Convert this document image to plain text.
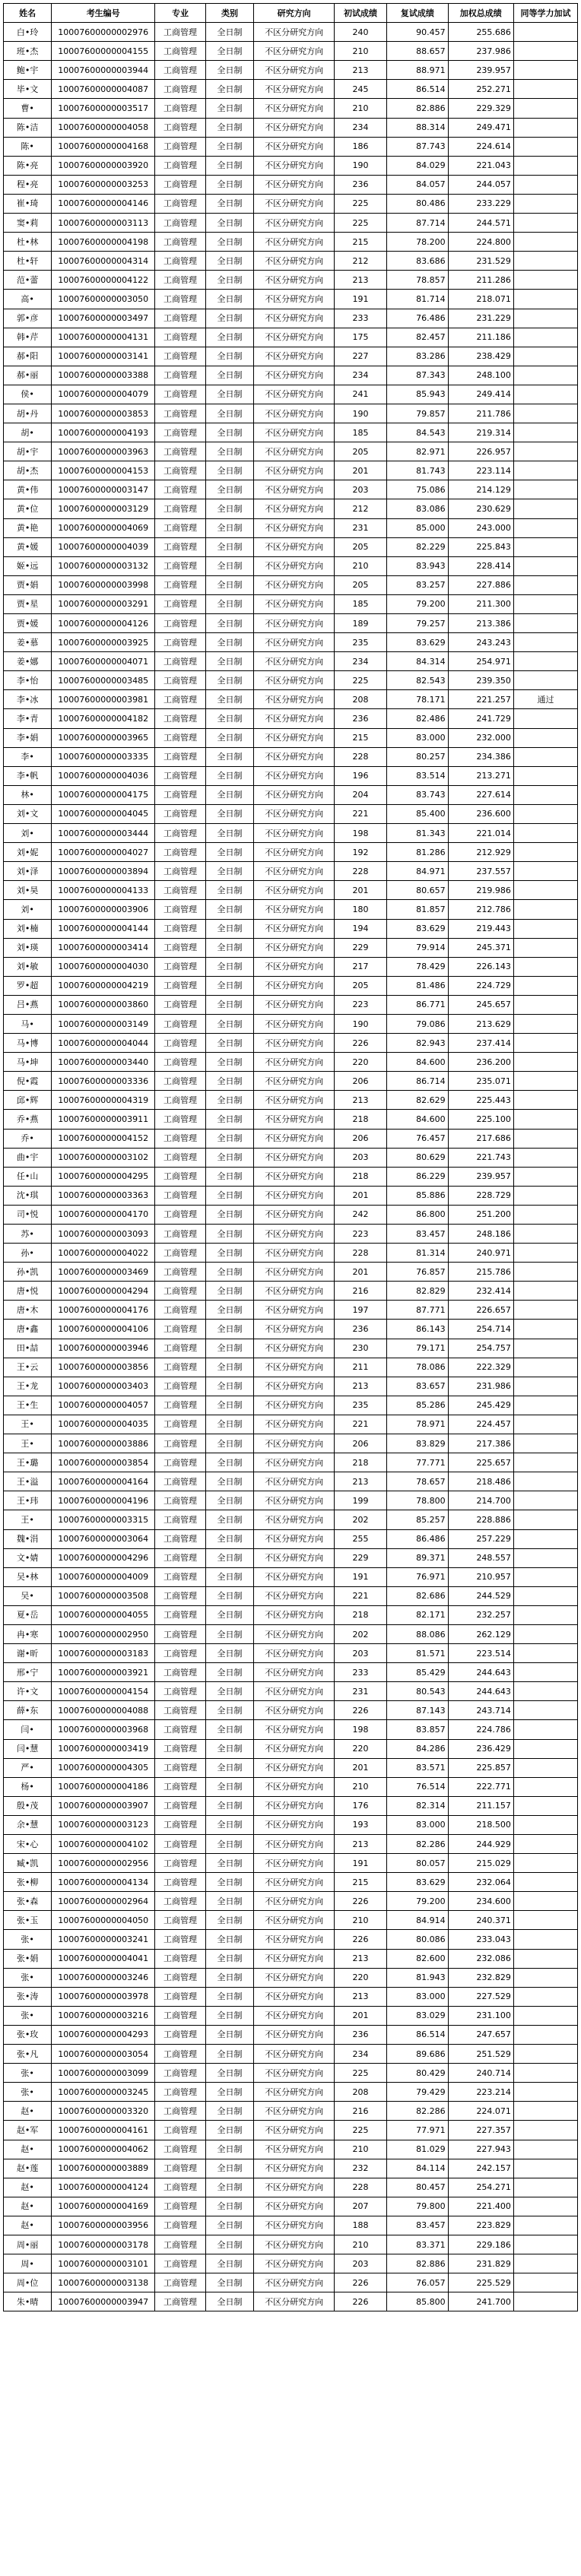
姓名	考生编号	专业	类别	研究方向	初试成绩	复试成绩	加权总成绩	同等学力加试
白•玲	10007600000002976	工商管理	全日制	不区分研究方向	240	90.457	255.686	
班•杰	10007600000004155	工商管理	全日制	不区分研究方向	210	88.657	237.986	
鲍•宇	10007600000003944	工商管理	全日制	不区分研究方向	213	88.971	239.957	
毕•文	10007600000004087	工商管理	全日制	不区分研究方向	245	86.514	252.271	
曹•	10007600000003517	工商管理	全日制	不区分研究方向	210	82.886	229.329	
陈•洁	10007600000004058	工商管理	全日制	不区分研究方向	234	88.314	249.471	
陈•	10007600000004168	工商管理	全日制	不区分研究方向	186	87.743	224.614	
陈•亮	10007600000003920	工商管理	全日制	不区分研究方向	190	84.029	221.043	
程•亮	10007600000003253	工商管理	全日制	不区分研究方向	236	84.057	244.057	
崔•琦	10007600000004146	工商管理	全日制	不区分研究方向	225	80.486	233.229	
窦•莉	10007600000003113	工商管理	全日制	不区分研究方向	225	87.714	244.571	
杜•林	10007600000004198	工商管理	全日制	不区分研究方向	215	78.200	224.800	
杜•轩	10007600000004314	工商管理	全日制	不区分研究方向	212	83.686	231.529	
范•蕾	10007600000004122	工商管理	全日制	不区分研究方向	213	78.857	211.286	
高•	10007600000003050	工商管理	全日制	不区分研究方向	191	81.714	218.071	
郭•彦	10007600000003497	工商管理	全日制	不区分研究方向	233	76.486	231.229	
韩•芹	10007600000004131	工商管理	全日制	不区分研究方向	175	82.457	211.186	
郝•阳	10007600000003141	工商管理	全日制	不区分研究方向	227	83.286	238.429	
郝•丽	10007600000003388	工商管理	全日制	不区分研究方向	234	87.343	248.100	
侯•	10007600000004079	工商管理	全日制	不区分研究方向	241	85.943	249.414	
胡•丹	10007600000003853	工商管理	全日制	不区分研究方向	190	79.857	211.786	
胡•	10007600000004193	工商管理	全日制	不区分研究方向	185	84.543	219.314	
胡•宇	10007600000003963	工商管理	全日制	不区分研究方向	205	82.971	226.957	
胡•杰	10007600000004153	工商管理	全日制	不区分研究方向	201	81.743	223.114	
黄•伟	10007600000003147	工商管理	全日制	不区分研究方向	203	75.086	214.129	
黄•位	10007600000003129	工商管理	全日制	不区分研究方向	212	83.086	230.629	
黄•艳	10007600000004069	工商管理	全日制	不区分研究方向	231	85.000	243.000	
黄•媛	10007600000004039	工商管理	全日制	不区分研究方向	205	82.229	225.843	
姬•远	10007600000003132	工商管理	全日制	不区分研究方向	210	83.943	228.414	
贾•娟	10007600000003998	工商管理	全日制	不区分研究方向	205	83.257	227.886	
贾•星	10007600000003291	工商管理	全日制	不区分研究方向	185	79.200	211.300	
贾•媛	10007600000004126	工商管理	全日制	不区分研究方向	189	79.257	213.386	
姜•慕	10007600000003925	工商管理	全日制	不区分研究方向	235	83.629	243.243	
姜•娜	10007600000004071	工商管理	全日制	不区分研究方向	234	84.314	254.971	
李•怡	10007600000003485	工商管理	全日制	不区分研究方向	225	82.543	239.350	
李•冰	10007600000003981	工商管理	全日制	不区分研究方向	208	78.171	221.257	通过
李•青	10007600000004182	工商管理	全日制	不区分研究方向	236	82.486	241.729	
李•娟	10007600000003965	工商管理	全日制	不区分研究方向	215	83.000	232.000	
李•	10007600000003335	工商管理	全日制	不区分研究方向	228	80.257	234.386	
李•帆	10007600000004036	工商管理	全日制	不区分研究方向	196	83.514	213.271	
林•	10007600000004175	工商管理	全日制	不区分研究方向	204	83.743	227.614	
刘•文	10007600000004045	工商管理	全日制	不区分研究方向	221	85.400	236.600	
刘•	10007600000003444	工商管理	全日制	不区分研究方向	198	81.343	221.014	
刘•妮	10007600000004027	工商管理	全日制	不区分研究方向	192	81.286	212.929	
刘•泽	10007600000003894	工商管理	全日制	不区分研究方向	228	84.971	237.557	
刘•昊	10007600000004133	工商管理	全日制	不区分研究方向	201	80.657	219.986	
刘•	10007600000003906	工商管理	全日制	不区分研究方向	180	81.857	212.786	
刘•楠	10007600000004144	工商管理	全日制	不区分研究方向	194	83.629	219.443	
刘•瑛	10007600000003414	工商管理	全日制	不区分研究方向	229	79.914	245.371	
刘•敏	10007600000004030	工商管理	全日制	不区分研究方向	217	78.429	226.143	
罗•超	10007600000004219	工商管理	全日制	不区分研究方向	205	81.486	224.729	
吕•燕	10007600000003860	工商管理	全日制	不区分研究方向	223	86.771	245.657	
马•	10007600000003149	工商管理	全日制	不区分研究方向	190	79.086	213.629	
马•博	10007600000004044	工商管理	全日制	不区分研究方向	226	82.943	237.414	
马•坤	10007600000003440	工商管理	全日制	不区分研究方向	220	84.600	236.200	
倪•霞	10007600000003336	工商管理	全日制	不区分研究方向	206	86.714	235.071	
邱•辉	10007600000004319	工商管理	全日制	不区分研究方向	213	82.629	225.443	
乔•燕	10007600000003911	工商管理	全日制	不区分研究方向	218	84.600	225.100	
乔•	10007600000004152	工商管理	全日制	不区分研究方向	206	76.457	217.686	
曲•宇	10007600000003102	工商管理	全日制	不区分研究方向	203	80.629	221.743	
任•山	10007600000004295	工商管理	全日制	不区分研究方向	218	86.229	239.957	
沈•琪	10007600000003363	工商管理	全日制	不区分研究方向	201	85.886	228.729	
司•悦	10007600000004170	工商管理	全日制	不区分研究方向	242	86.800	251.200	
苏•	10007600000003093	工商管理	全日制	不区分研究方向	223	83.457	248.186	
孙•	10007600000004022	工商管理	全日制	不区分研究方向	228	81.314	240.971	
孙•凯	10007600000003469	工商管理	全日制	不区分研究方向	201	76.857	215.786	
唐•悦	10007600000004294	工商管理	全日制	不区分研究方向	216	82.829	232.414	
唐•木	10007600000004176	工商管理	全日制	不区分研究方向	197	87.771	226.657	
唐•鑫	10007600000004106	工商管理	全日制	不区分研究方向	236	86.143	254.714	
田•喆	10007600000003946	工商管理	全日制	不区分研究方向	230	79.171	254.757	
王•云	10007600000003856	工商管理	全日制	不区分研究方向	211	78.086	222.329	
王•龙	10007600000003403	工商管理	全日制	不区分研究方向	213	83.657	231.986	
王•生	10007600000004057	工商管理	全日制	不区分研究方向	235	85.286	245.429	
王•	10007600000004035	工商管理	全日制	不区分研究方向	221	78.971	224.457	
王•	10007600000003886	工商管理	全日制	不区分研究方向	206	83.829	217.386	
王•璐	10007600000003854	工商管理	全日制	不区分研究方向	218	77.771	225.657	
王•溢	10007600000004164	工商管理	全日制	不区分研究方向	213	78.657	218.486	
王•玮	10007600000004196	工商管理	全日制	不区分研究方向	199	78.800	214.700	
王•	10007600000003315	工商管理	全日制	不区分研究方向	202	85.257	228.886	
魏•涓	10007600000003064	工商管理	全日制	不区分研究方向	255	86.486	257.229	
文•婧	10007600000004296	工商管理	全日制	不区分研究方向	229	89.371	248.557	
吴•林	10007600000004009	工商管理	全日制	不区分研究方向	191	76.971	210.957	
吴•	10007600000003508	工商管理	全日制	不区分研究方向	221	82.686	244.529	
夏•岳	10007600000004055	工商管理	全日制	不区分研究方向	218	82.171	232.257	
冉•寒	10007600000002950	工商管理	全日制	不区分研究方向	202	88.086	262.129	
谢•昕	10007600000003183	工商管理	全日制	不区分研究方向	203	81.571	223.514	
邢•宁	10007600000003921	工商管理	全日制	不区分研究方向	233	85.429	244.643	
许•文	10007600000004154	工商管理	全日制	不区分研究方向	231	80.543	244.643	
薛•东	10007600000004088	工商管理	全日制	不区分研究方向	226	87.143	243.714	
闫•	10007600000003968	工商管理	全日制	不区分研究方向	198	83.857	224.786	
闫•慧	10007600000003419	工商管理	全日制	不区分研究方向	220	84.286	236.429	
严•	10007600000004305	工商管理	全日制	不区分研究方向	201	83.571	225.857	
杨•	10007600000004186	工商管理	全日制	不区分研究方向	210	76.514	222.771	
殷•茂	10007600000003907	工商管理	全日制	不区分研究方向	176	82.314	211.157	
余•慧	10007600000003123	工商管理	全日制	不区分研究方向	193	83.000	218.500	
宋•心	10007600000004102	工商管理	全日制	不区分研究方向	213	82.286	244.929	
臧•凯	10007600000002956	工商管理	全日制	不区分研究方向	191	80.057	215.029	
张•柳	10007600000004134	工商管理	全日制	不区分研究方向	215	83.629	232.064	
张•森	10007600000002964	工商管理	全日制	不区分研究方向	226	79.200	234.600	
张•玉	10007600000004050	工商管理	全日制	不区分研究方向	210	84.914	240.371	
张•	10007600000003241	工商管理	全日制	不区分研究方向	226	80.086	233.043	
张•娟	10007600000004041	工商管理	全日制	不区分研究方向	213	82.600	232.086	
张•	10007600000003246	工商管理	全日制	不区分研究方向	220	81.943	232.829	
张•涛	10007600000003978	工商管理	全日制	不区分研究方向	213	83.000	227.529	
张•	10007600000003216	工商管理	全日制	不区分研究方向	201	83.029	231.100	
张•玫	10007600000004293	工商管理	全日制	不区分研究方向	236	86.514	247.657	
张•凡	10007600000003054	工商管理	全日制	不区分研究方向	234	89.686	251.529	
张•	10007600000003099	工商管理	全日制	不区分研究方向	225	80.429	240.714	
张•	10007600000003245	工商管理	全日制	不区分研究方向	208	79.429	223.214	
赵•	10007600000003320	工商管理	全日制	不区分研究方向	216	82.286	224.071	
赵•军	10007600000004161	工商管理	全日制	不区分研究方向	225	77.971	227.357	
赵•	10007600000004062	工商管理	全日制	不区分研究方向	210	81.029	227.943	
赵•莲	10007600000003889	工商管理	全日制	不区分研究方向	232	84.114	242.157	
赵•	10007600000004124	工商管理	全日制	不区分研究方向	228	80.457	254.271	
赵•	10007600000004169	工商管理	全日制	不区分研究方向	207	79.800	221.400	
赵•	10007600000003956	工商管理	全日制	不区分研究方向	188	83.457	223.829	
周•丽	10007600000003178	工商管理	全日制	不区分研究方向	210	83.371	229.186	
周•	10007600000003101	工商管理	全日制	不区分研究方向	203	82.886	231.829	
周•位	10007600000003138	工商管理	全日制	不区分研究方向	226	76.057	225.529	
朱•晴	10007600000003947	工商管理	全日制	不区分研究方向	226	85.800	241.700	
